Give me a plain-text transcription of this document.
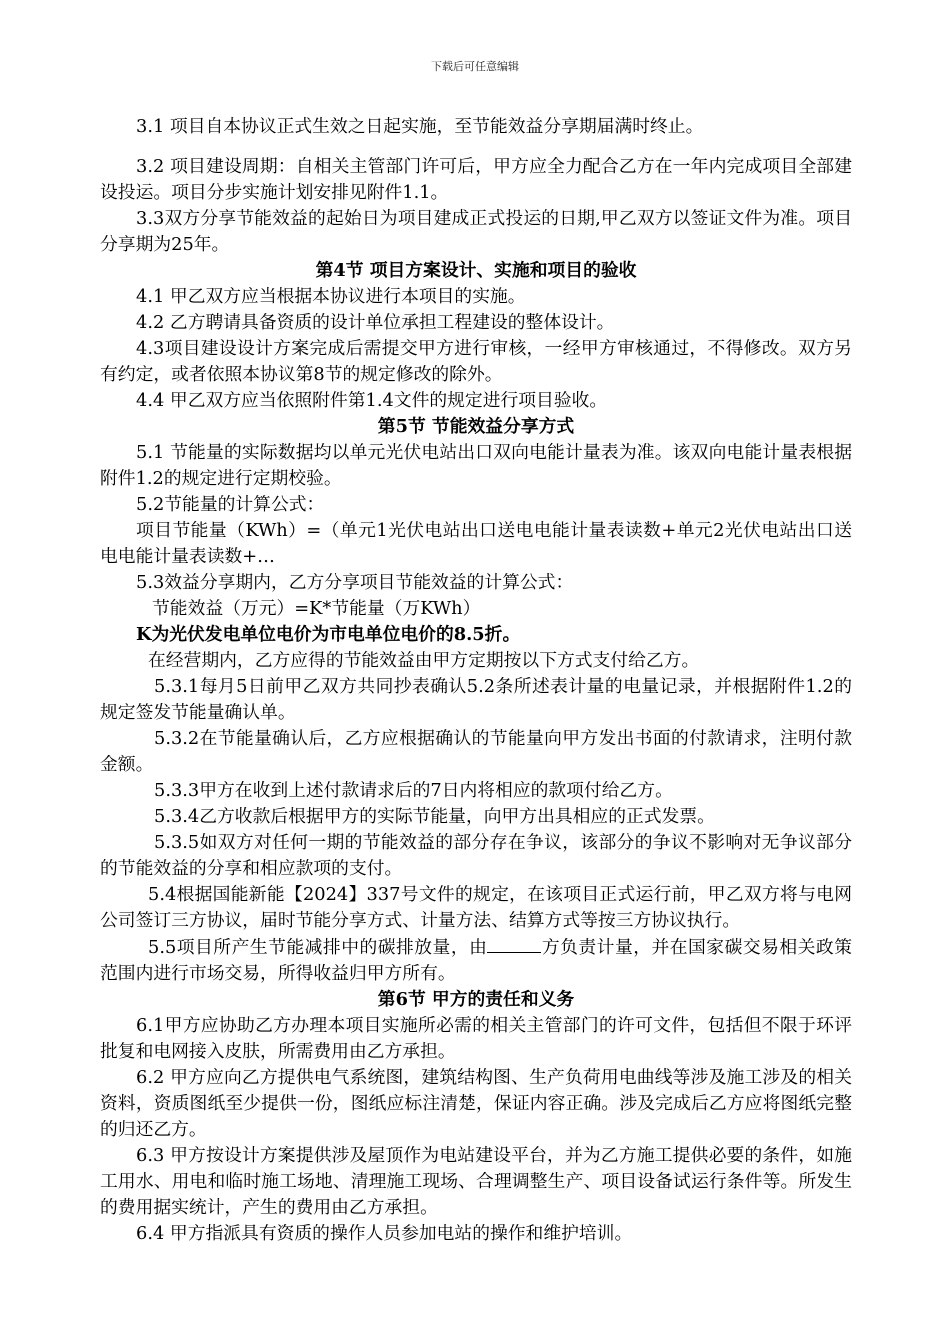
下载后可任意编辑

3.1 项目自本协议正式生效之日起实施，至节能效益分享期届满时终止。

3.2 项目建设周期：自相关主管部门许可后，甲方应全力配合乙方在一年内完成项目全部建设投运。项目分步实施计划安排见附件1.1。

3.3双方分享节能效益的起始日为项目建成正式投运的日期,甲乙双方以签证文件为准。项目分享期为25年。

第4节 项目方案设计、实施和项目的验收

4.1 甲乙双方应当根据本协议进行本项目的实施。

4.2 乙方聘请具备资质的设计单位承担工程建设的整体设计。

4.3项目建设设计方案完成后需提交甲方进行审核，一经甲方审核通过，不得修改。双方另有约定，或者依照本协议第8节的规定修改的除外。

4.4 甲乙双方应当依照附件第1.4文件的规定进行项目验收。

第5节 节能效益分享方式

5.1 节能量的实际数据均以单元光伏电站出口双向电能计量表为准。该双向电能计量表根据附件1.2的规定进行定期校验。

5.2节能量的计算公式：

项目节能量（KWh）=（单元1光伏电站出口送电电能计量表读数+单元2光伏电站出口送电电能计量表读数+…

5.3效益分享期内，乙方分享项目节能效益的计算公式：

节能效益（万元）=K*节能量（万KWh）

K为光伏发电单位电价为市电单位电价的8.5折。

在经营期内，乙方应得的节能效益由甲方定期按以下方式支付给乙方。

5.3.1每月5日前甲乙双方共同抄表确认5.2条所述表计量的电量记录，并根据附件1.2的规定签发节能量确认单。

5.3.2在节能量确认后，乙方应根据确认的节能量向甲方发出书面的付款请求，注明付款金额。

5.3.3甲方在收到上述付款请求后的7日内将相应的款项付给乙方。

5.3.4乙方收款后根据甲方的实际节能量，向甲方出具相应的正式发票。

5.3.5如双方对任何一期的节能效益的部分存在争议，该部分的争议不影响对无争议部分的节能效益的分享和相应款项的支付。

5.4根据国能新能【2024】337号文件的规定，在该项目正式运行前，甲乙双方将与电网公司签订三方协议，届时节能分享方式、计量方法、结算方式等按三方协议执行。

5.5项目所产生节能减排中的碳排放量，由	方负责计量，并在国家碳交易相关政策范围内进行市场交易，所得收益归甲方所有。

第6节 甲方的责任和义务

6.1甲方应协助乙方办理本项目实施所必需的相关主管部门的许可文件，包括但不限于环评批复和电网接入皮肤，所需费用由乙方承担。

6.2 甲方应向乙方提供电气系统图，建筑结构图、生产负荷用电曲线等涉及施工涉及的相关资料，资质图纸至少提供一份，图纸应标注清楚，保证内容正确。涉及完成后乙方应将图纸完整的归还乙方。

6.3 甲方按设计方案提供涉及屋顶作为电站建设平台，并为乙方施工提供必要的条件，如施工用水、用电和临时施工场地、清理施工现场、合理调整生产、项目设备试运行条件等。所发生的费用据实统计，产生的费用由乙方承担。

6.4 甲方指派具有资质的操作人员参加电站的操作和维护培训。
